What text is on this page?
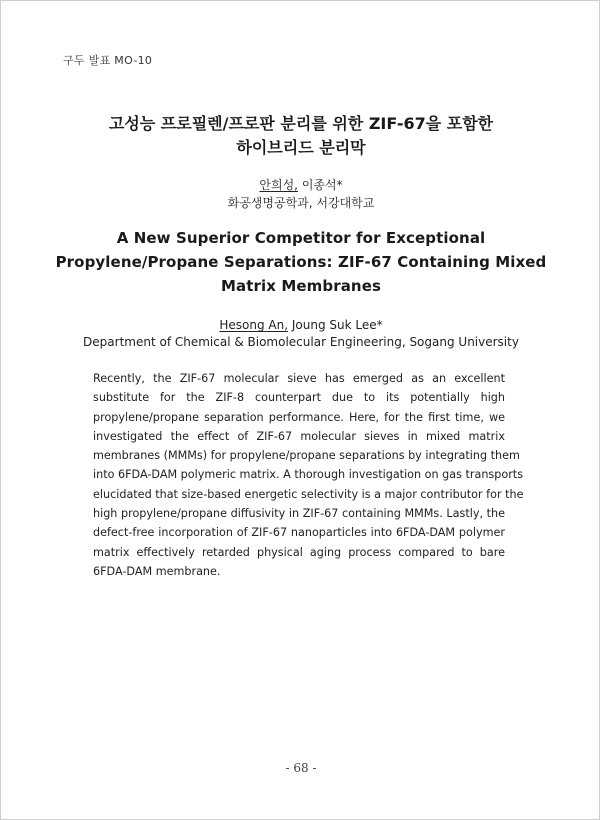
구두 발표 MO-10
고성능 프로필렌/프로판 분리를 위한 ZIF-67을 포함한
하이브리드 분리막
안희성, 이종석*
화공생명공학과, 서강대학교
A New Superior Competitor for Exceptional
Propylene/Propane Separations: ZIF-67 Containing Mixed
Matrix Membranes
Hesong An, Joung Suk Lee*
Department of Chemical & Biomolecular Engineering, Sogang University
Recently, the ZIF-67 molecular sieve has emerged as an excellent
substitute for the ZIF-8 counterpart due to its potentially high
propylene/propane separation performance. Here, for the first time, we
investigated the effect of ZIF-67 molecular sieves in mixed matrix
membranes (MMMs) for propylene/propane separations by integrating them
into 6FDA-DAM polymeric matrix. A thorough investigation on gas transports
elucidated that size-based energetic selectivity is a major contributor for the
high propylene/propane diffusivity in ZIF-67 containing MMMs. Lastly, the
defect-free incorporation of ZIF-67 nanoparticles into 6FDA-DAM polymer
matrix effectively retarded physical aging process compared to bare
6FDA-DAM membrane.
- 68 -
